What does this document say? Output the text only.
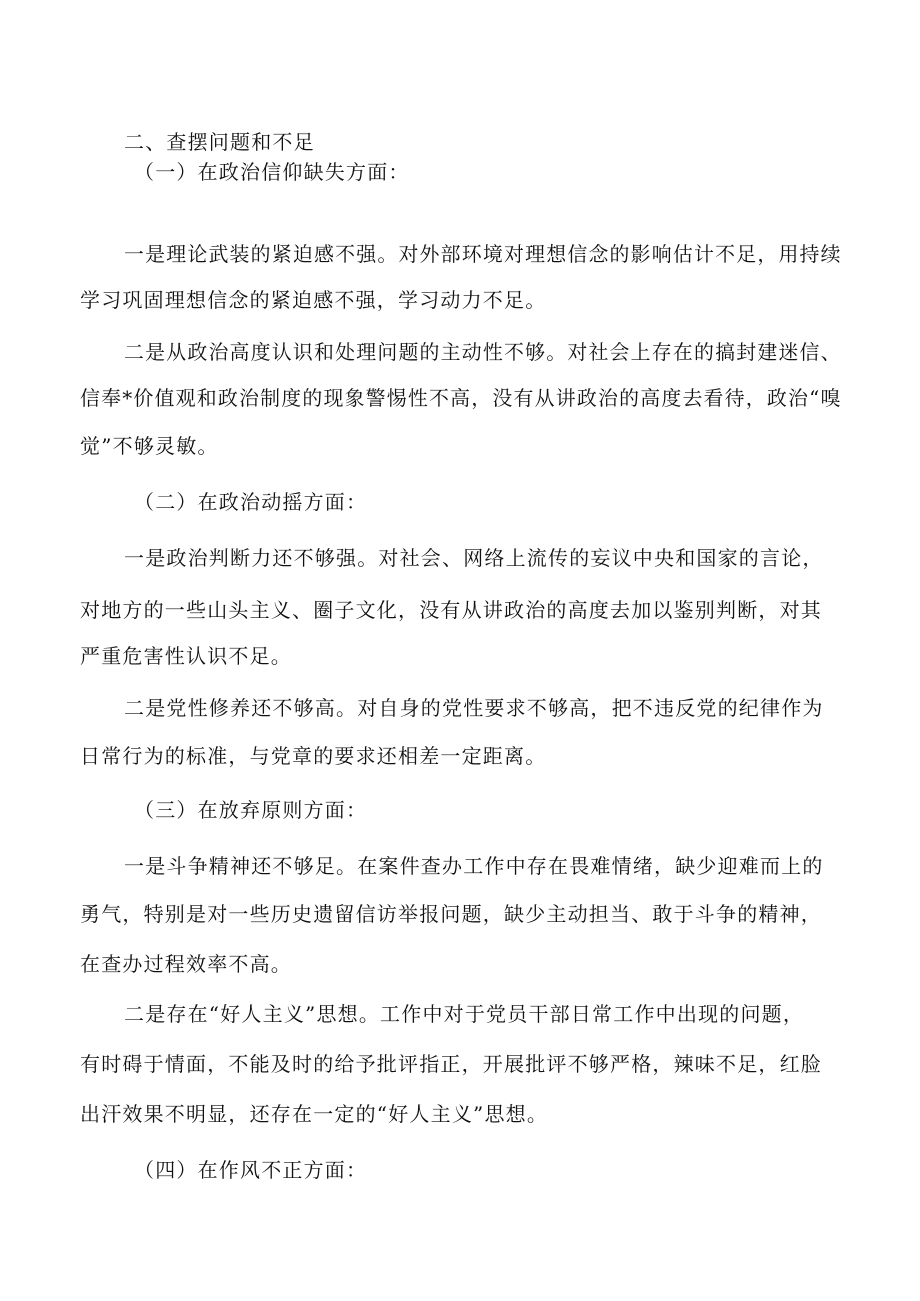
二、查摆问题和不足
（一）在政治信仰缺失方面：
一是理论武装的紧迫感不强。对外部环境对理想信念的影响估计不足，用持续
学习巩固理想信念的紧迫感不强，学习动力不足。
二是从政治高度认识和处理问题的主动性不够。对社会上存在的搞封建迷信、
信奉*价值观和政治制度的现象警惕性不高，没有从讲政治的高度去看待，政治“嗅
觉”不够灵敏。
（二）在政治动摇方面：
一是政治判断力还不够强。对社会、网络上流传的妄议中央和国家的言论，
对地方的一些山头主义、圈子文化，没有从讲政治的高度去加以鉴别判断，对其
严重危害性认识不足。
二是党性修养还不够高。对自身的党性要求不够高，把不违反党的纪律作为
日常行为的标准，与党章的要求还相差一定距离。
（三）在放弃原则方面：
一是斗争精神还不够足。在案件查办工作中存在畏难情绪，缺少迎难而上的
勇气，特别是对一些历史遗留信访举报问题，缺少主动担当、敢于斗争的精神，
在查办过程效率不高。
二是存在“好人主义”思想。工作中对于党员干部日常工作中出现的问题，
有时碍于情面，不能及时的给予批评指正，开展批评不够严格，辣味不足，红脸
出汗效果不明显，还存在一定的“好人主义”思想。
（四）在作风不正方面：
